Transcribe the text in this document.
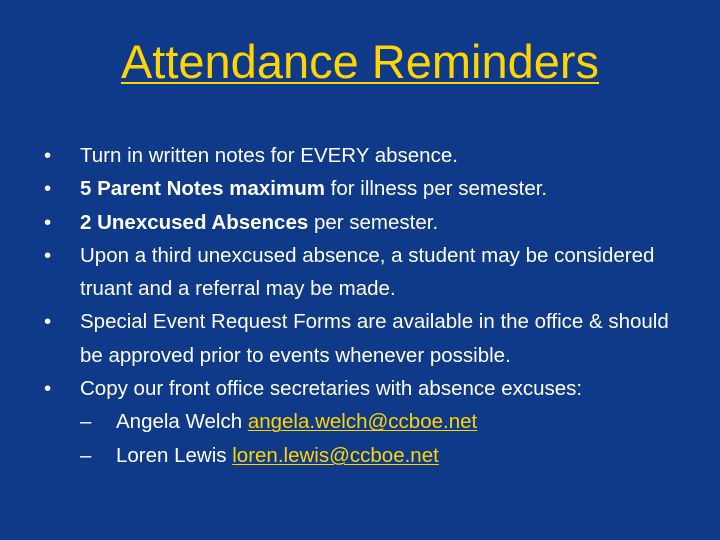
Attendance Reminders
• Turn in written notes for EVERY absence.
• 5 Parent Notes maximum for illness per semester.
• 2 Unexcused Absences per semester.
• Upon a third unexcused absence, a student may be considered truant and a referral may be made.
• Special Event Request Forms are available in the office & should be approved prior to events whenever possible.
• Copy our front office secretaries with absence excuses:
– Angela Welch angela.welch@ccboe.net
– Loren Lewis loren.lewis@ccboe.net
